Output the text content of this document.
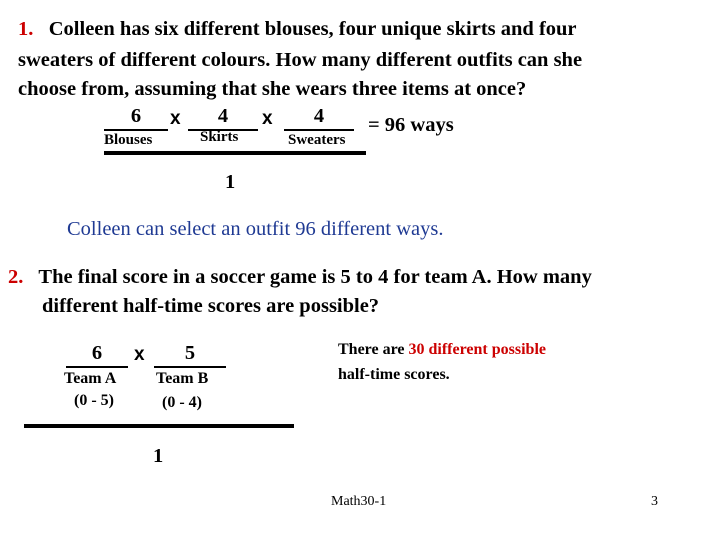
1. Colleen has six different blouses, four unique skirts and four
sweaters of different colours. How many different outfits can she
choose from, assuming that she wears three items at once?
6	x	4	x	4	= 96 ways
Blouses	Skirts	Sweaters
1
Colleen can select an outfit 96 different ways.
2. The final score in a soccer game is 5 to 4 for team A. How many
different half-time scores are possible?
6	x	5
Team A Team B
(0 - 5)	(0 - 4)
1
There are 30 different possible
half-time scores.
Math30-1	3
